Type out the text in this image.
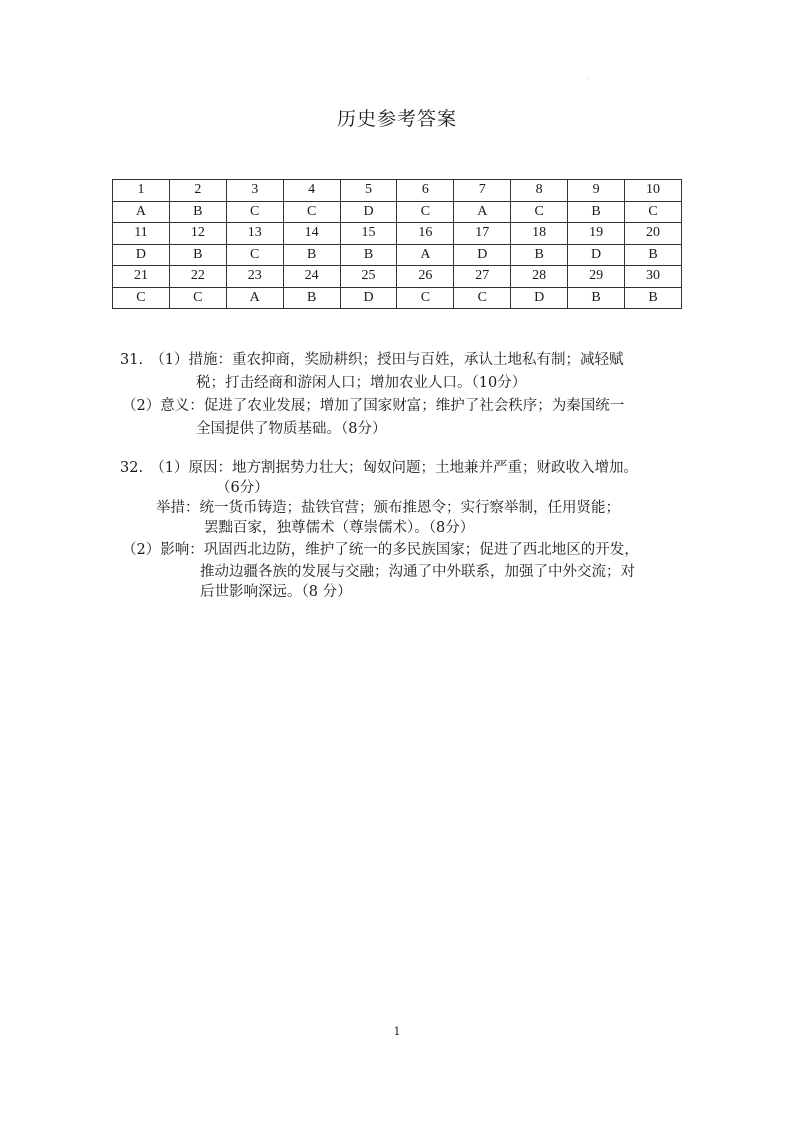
·
历史参考答案
1	2	3	4	5	6	7	8	9	10
A	B	C	C	D	C	A	C	B	C
11	12	13	14	15	16	17	18	19	20
D	B	C	B	B	A	D	B	D	B
21	22	23	24	25	26	27	28	29	30
C	C	A	B	D	C	C	D	B	B
31.　（1）措施：重农抑商，奖励耕织；授田与百姓，承认土地私有制；减轻赋
税；打击经商和游闲人口；增加农业人口。（10分）
（2）意义：促进了农业发展；增加了国家财富；维护了社会秩序；为秦国统一
全国提供了物质基础。（8分）
32.　（1）原因：地方割据势力壮大；匈奴问题；土地兼并严重；财政收入增加。
（6分）
举措：统一货币铸造；盐铁官营；颁布推恩令；实行察举制，任用贤能；
罢黜百家，独尊儒术（尊崇儒术）。（8分）
（2）影响：巩固西北边防，维护了统一的多民族国家；促进了西北地区的开发，
推动边疆各族的发展与交融；沟通了中外联系，加强了中外交流；对
后世影响深远。（8 分）
1
